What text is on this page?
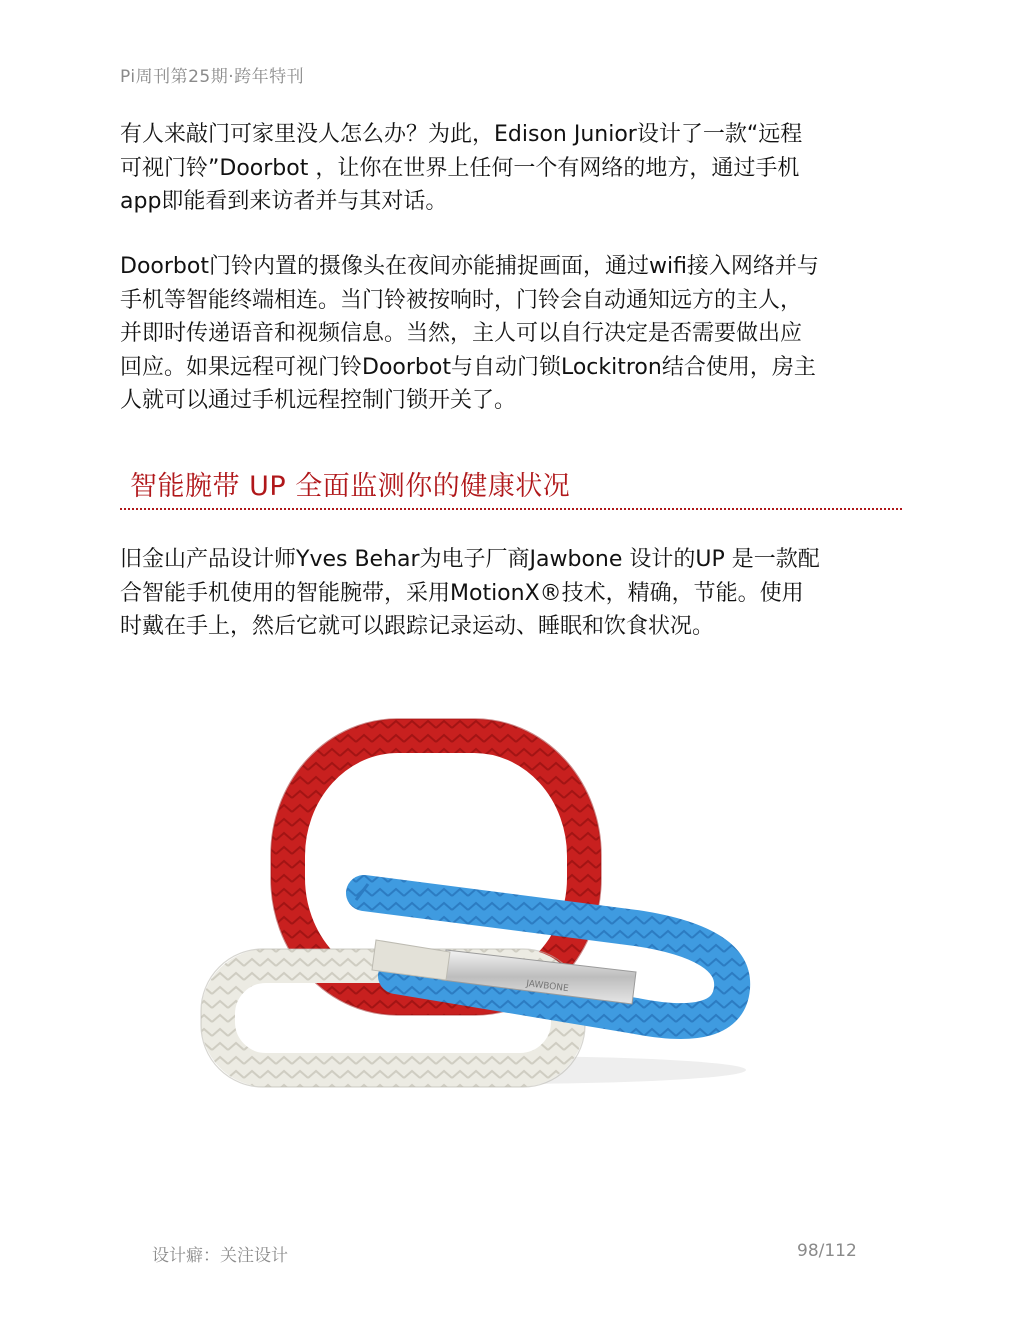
Pi周刊第25期·跨年特刊

有人来敲门可家里没人怎么办？为此，Edison Junior设计了一款“远程
可视门铃”Doorbot ，让你在世界上任何一个有网络的地方，通过手机
app即能看到来访者并与其对话。

Doorbot门铃内置的摄像头在夜间亦能捕捉画面，通过wifi接入网络并与
手机等智能终端相连。当门铃被按响时，门铃会自动通知远方的主人，
并即时传递语音和视频信息。当然，主人可以自行决定是否需要做出应
回应。如果远程可视门铃Doorbot与自动门锁Lockitron结合使用，房主
人就可以通过手机远程控制门锁开关了。

智能腕带 UP 全面监测你的健康状况

旧金山产品设计师Yves Behar为电子厂商Jawbone 设计的UP 是一款配
合智能手机使用的智能腕带，采用MotionX®技术，精确，节能。使用
时戴在手上，然后它就可以跟踪记录运动、睡眠和饮食状况。

JAWBONE
设计癖：关注设计	98/112
